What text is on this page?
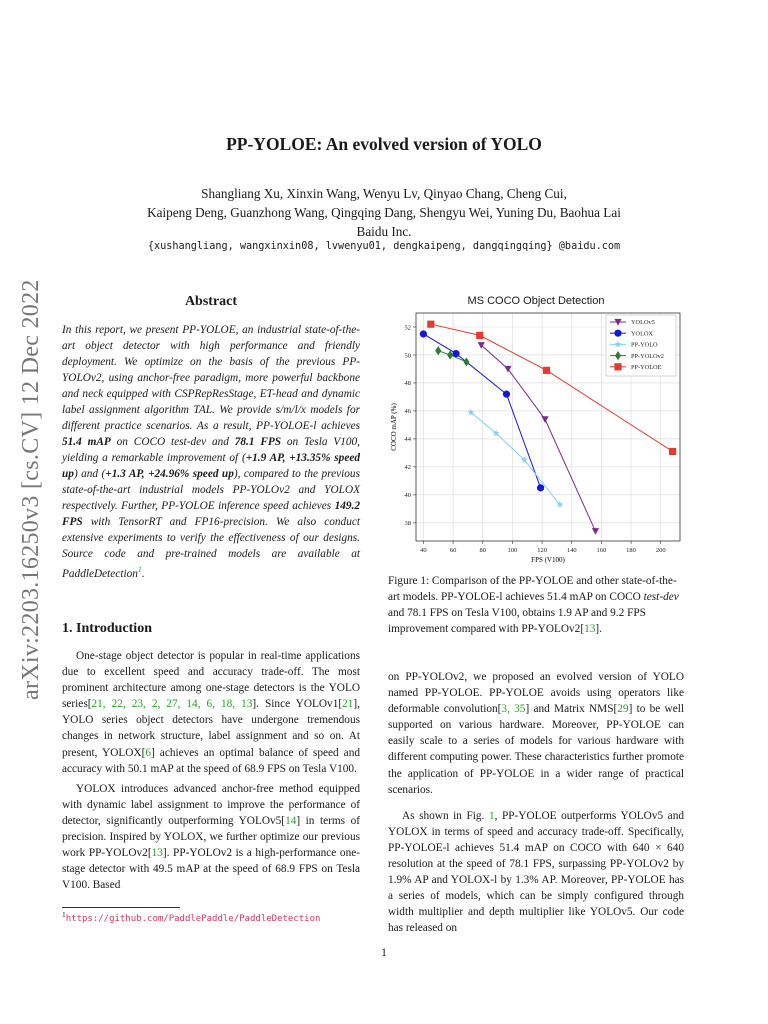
arXiv:2203.16250v3 [cs.CV] 12 Dec 2022
PP-YOLOE: An evolved version of YOLO
Shangliang Xu, Xinxin Wang, Wenyu Lv, Qinyao Chang, Cheng Cui,
Kaipeng Deng, Guanzhong Wang, Qingqing Dang, Shengyu Wei, Yuning Du, Baohua Lai
Baidu Inc.
{xushangliang, wangxinxin08, lvwenyu01, dengkaipeng, dangqingqing} @baidu.com
Abstract
In this report, we present PP-YOLOE, an industrial state-of-the-art object detector with high performance and friendly deployment. We optimize on the basis of the previous PP-YOLOv2, using anchor-free paradigm, more powerful backbone and neck equipped with CSPRepResStage, ET-head and dynamic label assignment algorithm TAL. We provide s/m/l/x models for different practice scenarios. As a result, PP-YOLOE-l achieves 51.4 mAP on COCO test-dev and 78.1 FPS on Tesla V100, yielding a remarkable improvement of (+1.9 AP, +13.35% speed up) and (+1.3 AP, +24.96% speed up), compared to the previous state-of-the-art industrial models PP-YOLOv2 and YOLOX respectively. Further, PP-YOLOE inference speed achieves 149.2 FPS with TensorRT and FP16-precision. We also conduct extensive experiments to verify the effectiveness of our designs. Source code and pre-trained models are available at PaddleDetection$^1$.
1. Introduction

One-stage object detector is popular in real-time applications due to excellent speed and accuracy trade-off. The most prominent architecture among one-stage detectors is the YOLO series[21, 22, 23, 2, 27, 14, 6, 18, 13]. Since YOLOv1[21], YOLO series object detectors have undergone tremendous changes in network structure, label assignment and so on. At present, YOLOX[6] achieves an optimal balance of speed and accuracy with 50.1 mAP at the speed of 68.9 FPS on Tesla V100.

YOLOX introduces advanced anchor-free method equipped with dynamic label assignment to improve the performance of detector, significantly outperforming YOLOv5[14] in terms of precision. Inspired by YOLOX, we further optimize our previous work PP-YOLOv2[13]. PP-YOLOv2 is a high-performance one-stage detector with 49.5 mAP at the speed of 68.9 FPS on Tesla V100. Based

$^1$https://github.com/PaddlePaddle/PaddleDetection
MS COCO Object Detection
40	60	80	100	120	140	160	180	200
38
40
42
44
46
48
50
52
YOLOv5
YOLOX
PP-YOLO
PP-YOLOv2
PP-YOLOE
FPS (V100)
COCO mAP (%)
Figure 1: Comparison of the PP-YOLOE and other state-of-the-art models. PP-YOLOE-l achieves 51.4 mAP on COCO test-dev and 78.1 FPS on Tesla V100, obtains 1.9 AP and 9.2 FPS improvement compared with PP-YOLOv2[13].

on PP-YOLOv2, we proposed an evolved version of YOLO named PP-YOLOE. PP-YOLOE avoids using operators like deformable convolution[3, 35] and Matrix NMS[29] to be well supported on various hardware. Moreover, PP-YOLOE can easily scale to a series of models for various hardware with different computing power. These characteristics further promote the application of PP-YOLOE in a wider range of practical scenarios.

As shown in Fig. 1, PP-YOLOE outperforms YOLOv5 and YOLOX in terms of speed and accuracy trade-off. Specifically, PP-YOLOE-l achieves 51.4 mAP on COCO with 640 × 640 resolution at the speed of 78.1 FPS, surpassing PP-YOLOv2 by 1.9% AP and YOLOX-l by 1.3% AP. Moreover, PP-YOLOE has a series of models, which can be simply configured through width multiplier and depth multiplier like YOLOv5. Our code has released on

1
